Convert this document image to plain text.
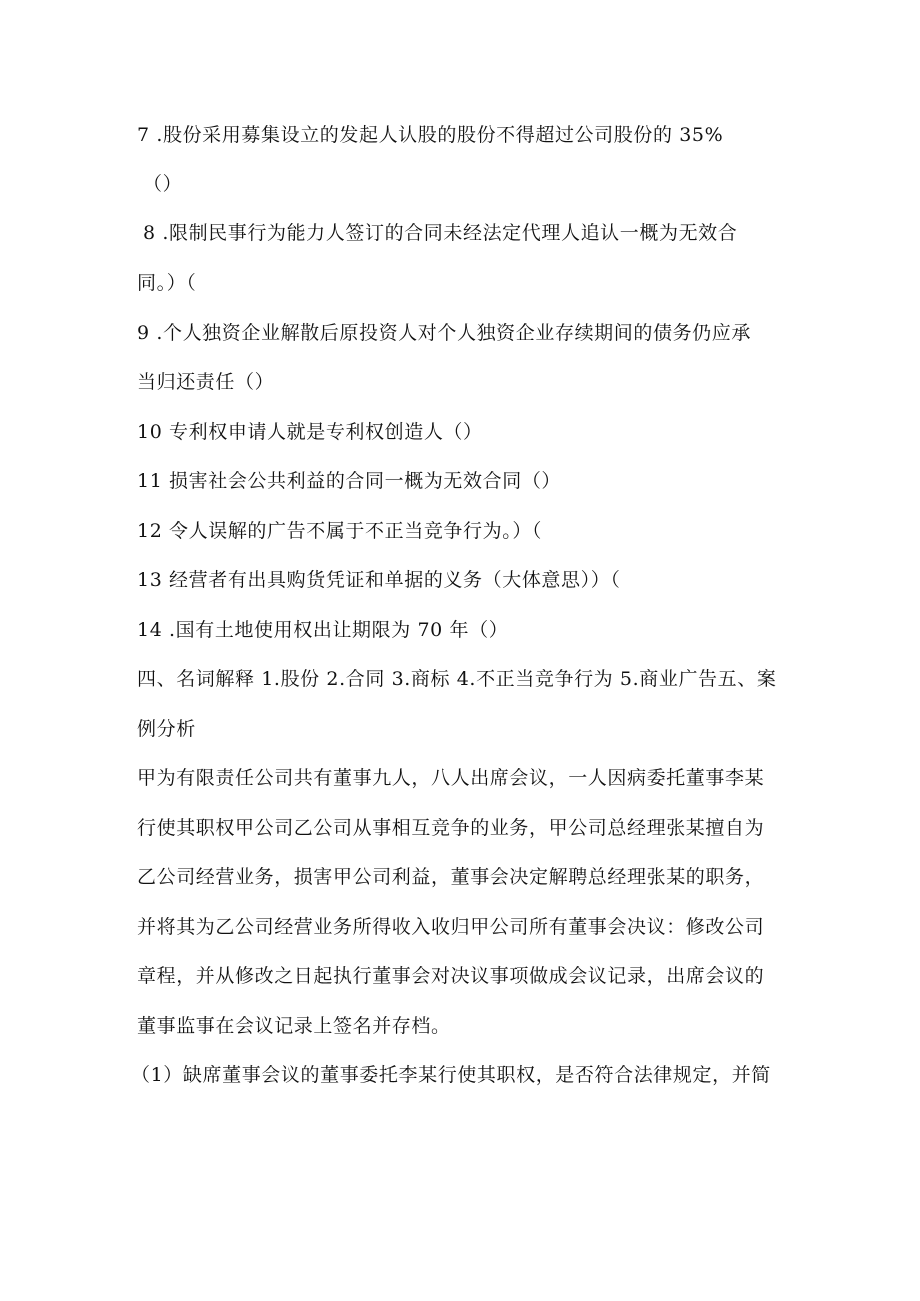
7 .股份采用募集设立的发起人认股的股份不得超过公司股份的 35%
（）
8 .限制民事行为能力人签订的合同未经法定代理人追认一概为无效合
同。）（
9 .个人独资企业解散后原投资人对个人独资企业存续期间的债务仍应承
当归还责任（）
10 专利权申请人就是专利权创造人（）
11 损害社会公共利益的合同一概为无效合同（）
12 令人误解的广告不属于不正当竞争行为。）（
13 经营者有出具购货凭证和单据的义务（大体意思））（
14 .国有土地使用权出让期限为 70 年（）
四、名词解释 1.股份 2.合同 3.商标 4.不正当竞争行为 5.商业广告五、案
例分析
甲为有限责任公司共有董事九人，八人出席会议，一人因病委托董事李某
行使其职权甲公司乙公司从事相互竞争的业务，甲公司总经理张某擅自为
乙公司经营业务，损害甲公司利益，董事会决定解聘总经理张某的职务，
并将其为乙公司经营业务所得收入收归甲公司所有董事会决议：修改公司
章程，并从修改之日起执行董事会对决议事项做成会议记录，出席会议的
董事监事在会议记录上签名并存档。
（1）缺席董事会议的董事委托李某行使其职权，是否符合法律规定，并简
